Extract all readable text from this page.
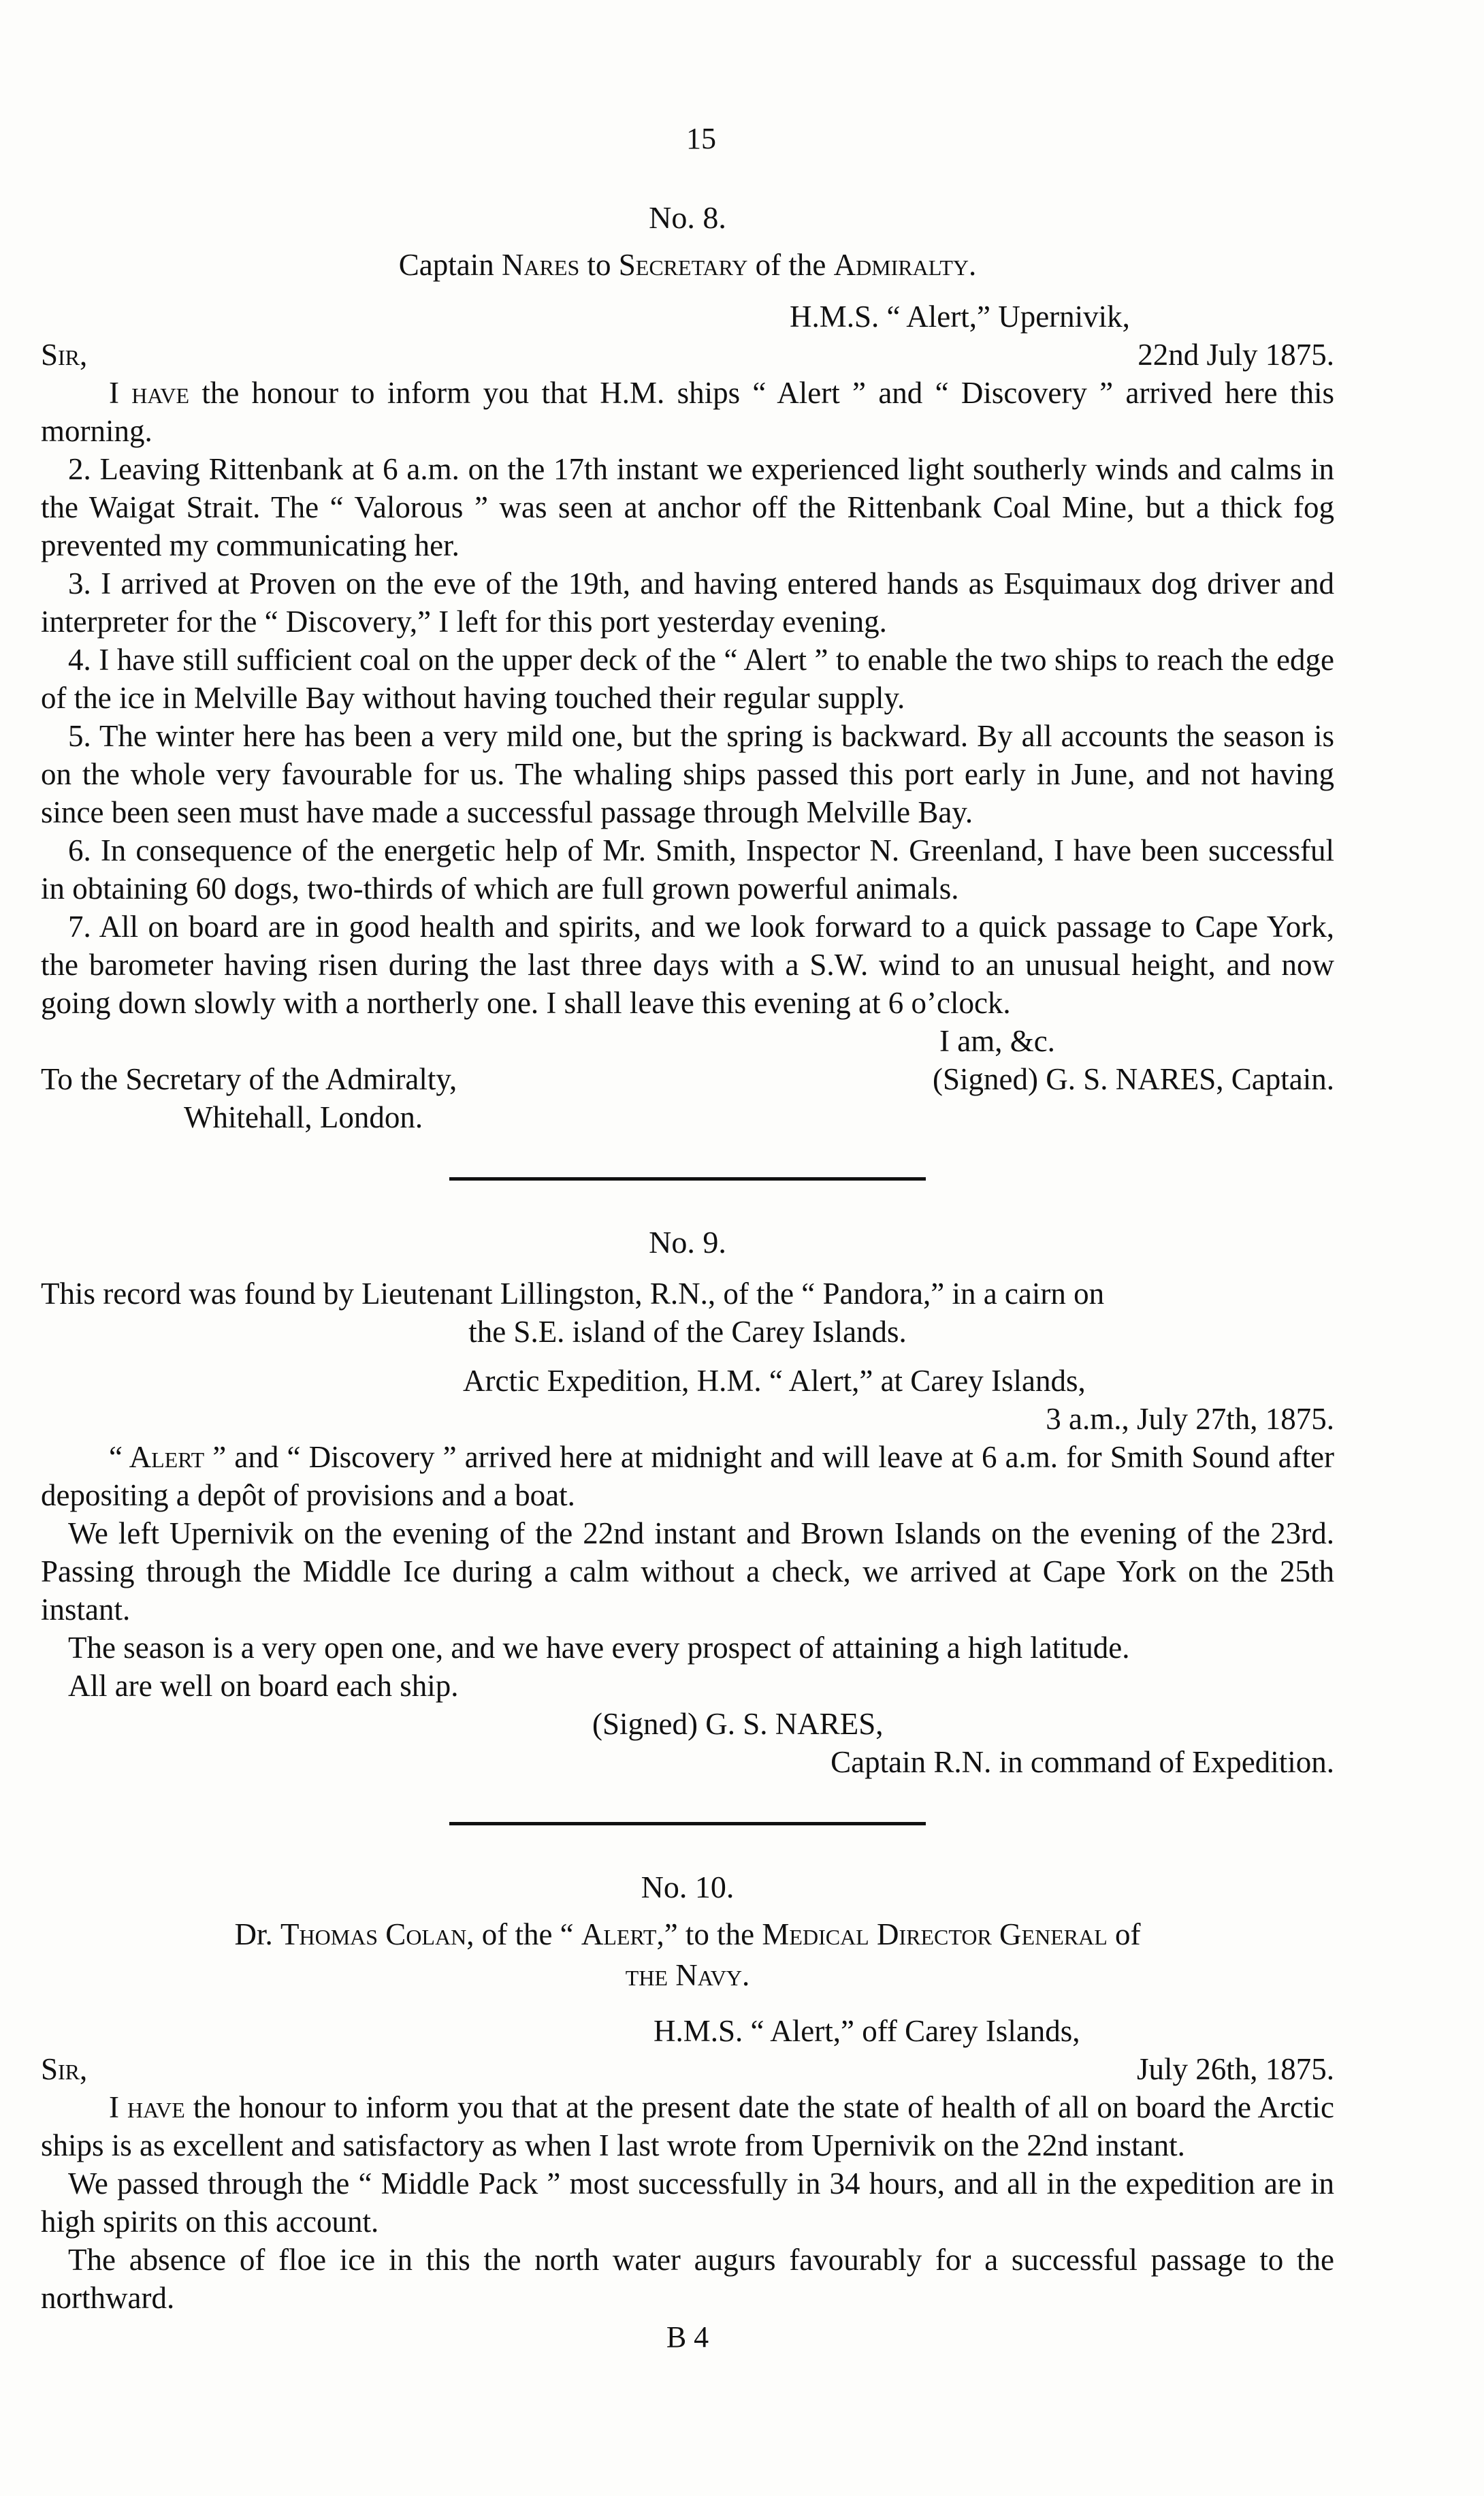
15

No. 8.

Captain Nares to Secretary of the Admiralty.

H.M.S. “ Alert,” Upernivik,

Sir,	22nd July 1875.

I have the honour to inform you that H.M. ships “ Alert ” and “ Discovery ” arrived here this morning.

2. Leaving Rittenbank at 6 a.m. on the 17th instant we experienced light southerly winds and calms in the Waigat Strait. The “ Valorous ” was seen at anchor off the Rittenbank Coal Mine, but a thick fog prevented my communicating her.

3. I arrived at Proven on the eve of the 19th, and having entered hands as Esquimaux dog driver and interpreter for the “ Discovery,” I left for this port yesterday evening.

4. I have still sufficient coal on the upper deck of the “ Alert ” to enable the two ships to reach the edge of the ice in Melville Bay without having touched their regular supply.

5. The winter here has been a very mild one, but the spring is backward. By all accounts the season is on the whole very favourable for us. The whaling ships passed this port early in June, and not having since been seen must have made a successful passage through Melville Bay.

6. In consequence of the energetic help of Mr. Smith, Inspector N. Greenland, I have been successful in obtaining 60 dogs, two-thirds of which are full grown powerful animals.

7. All on board are in good health and spirits, and we look forward to a quick passage to Cape York, the barometer having risen during the last three days with a S.W. wind to an unusual height, and now going down slowly with a northerly one. I shall leave this evening at 6 o’clock.

I am, &c.

To the Secretary of the Admiralty,	(Signed) G. S. NARES, Captain.

Whitehall, London.

No. 9.

This record was found by Lieutenant Lillingston, R.N., of the “ Pandora,” in a cairn on

the S.E. island of the Carey Islands.

Arctic Expedition, H.M. “ Alert,” at Carey Islands,

3 a.m., July 27th, 1875.

“ Alert ” and “ Discovery ” arrived here at midnight and will leave at 6 a.m. for Smith Sound after depositing a depôt of provisions and a boat.

We left Upernivik on the evening of the 22nd instant and Brown Islands on the evening of the 23rd. Passing through the Middle Ice during a calm without a check, we arrived at Cape York on the 25th instant.

The season is a very open one, and we have every prospect of attaining a high latitude.

All are well on board each ship.

(Signed) G. S. NARES,

Captain R.N. in command of Expedition.

No. 10.

Dr. Thomas Colan, of the “ Alert,” to the Medical Director General of

the Navy.

H.M.S. “ Alert,” off Carey Islands,

Sir,	July 26th, 1875.

I have the honour to inform you that at the present date the state of health of all on board the Arctic ships is as excellent and satisfactory as when I last wrote from Upernivik on the 22nd instant.

We passed through the “ Middle Pack ” most successfully in 34 hours, and all in the expedition are in high spirits on this account.

The absence of floe ice in this the north water augurs favourably for a successful passage to the northward.

B 4
